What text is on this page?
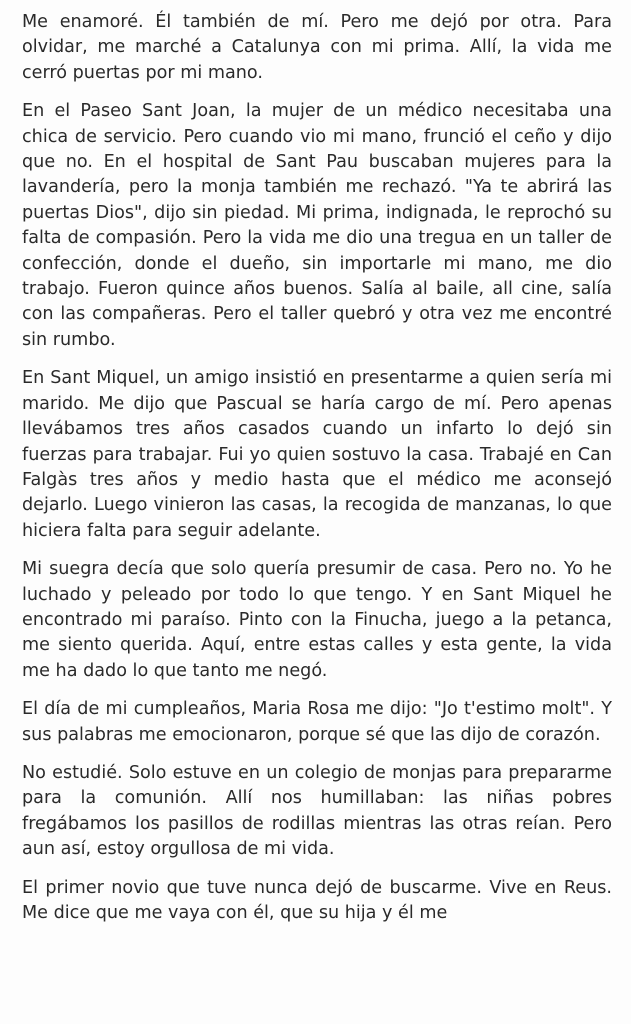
Me enamoré. Él también de mí. Pero me dejó por otra. Para olvidar, me marché a Catalunya con mi prima. Allí, la vida me cerró puertas por mi mano.

En el Paseo Sant Joan, la mujer de un médico necesitaba una chica de servicio. Pero cuando vio mi mano, frunció el ceño y dijo que no. En el hospital de Sant Pau buscaban mujeres para la lavandería, pero la monja también me rechazó. "Ya te abrirá las puertas Dios", dijo sin piedad. Mi prima, indignada, le reprochó su falta de compasión. Pero la vida me dio una tregua en un taller de confección, donde el dueño, sin importarle mi mano, me dio trabajo. Fueron quince años buenos. Salía al baile, all cine, salía con las compañeras. Pero el taller quebró y otra vez me encontré sin rumbo.

En Sant Miquel, un amigo insistió en presentarme a quien sería mi marido. Me dijo que Pascual se haría cargo de mí. Pero apenas llevábamos tres años casados cuando un infarto lo dejó sin fuerzas para trabajar. Fui yo quien sostuvo la casa. Trabajé en Can Falgàs tres años y medio hasta que el médico me aconsejó dejarlo. Luego vinieron las casas, la recogida de manzanas, lo que hiciera falta para seguir adelante.

Mi suegra decía que solo quería presumir de casa. Pero no. Yo he luchado y peleado por todo lo que tengo. Y en Sant Miquel he encontrado mi paraíso. Pinto con la Finucha, juego a la petanca, me siento querida. Aquí, entre estas calles y esta gente, la vida me ha dado lo que tanto me negó.

El día de mi cumpleaños, Maria Rosa me dijo: "Jo t'estimo molt". Y sus palabras me emocionaron, porque sé que las dijo de corazón.

No estudié. Solo estuve en un colegio de monjas para prepararme para la comunión. Allí nos humillaban: las niñas pobres fregábamos los pasillos de rodillas mientras las otras reían. Pero aun así, estoy orgullosa de mi vida.

El primer novio que tuve nunca dejó de buscarme. Vive en Reus. Me dice que me vaya con él, que su hija y él me
